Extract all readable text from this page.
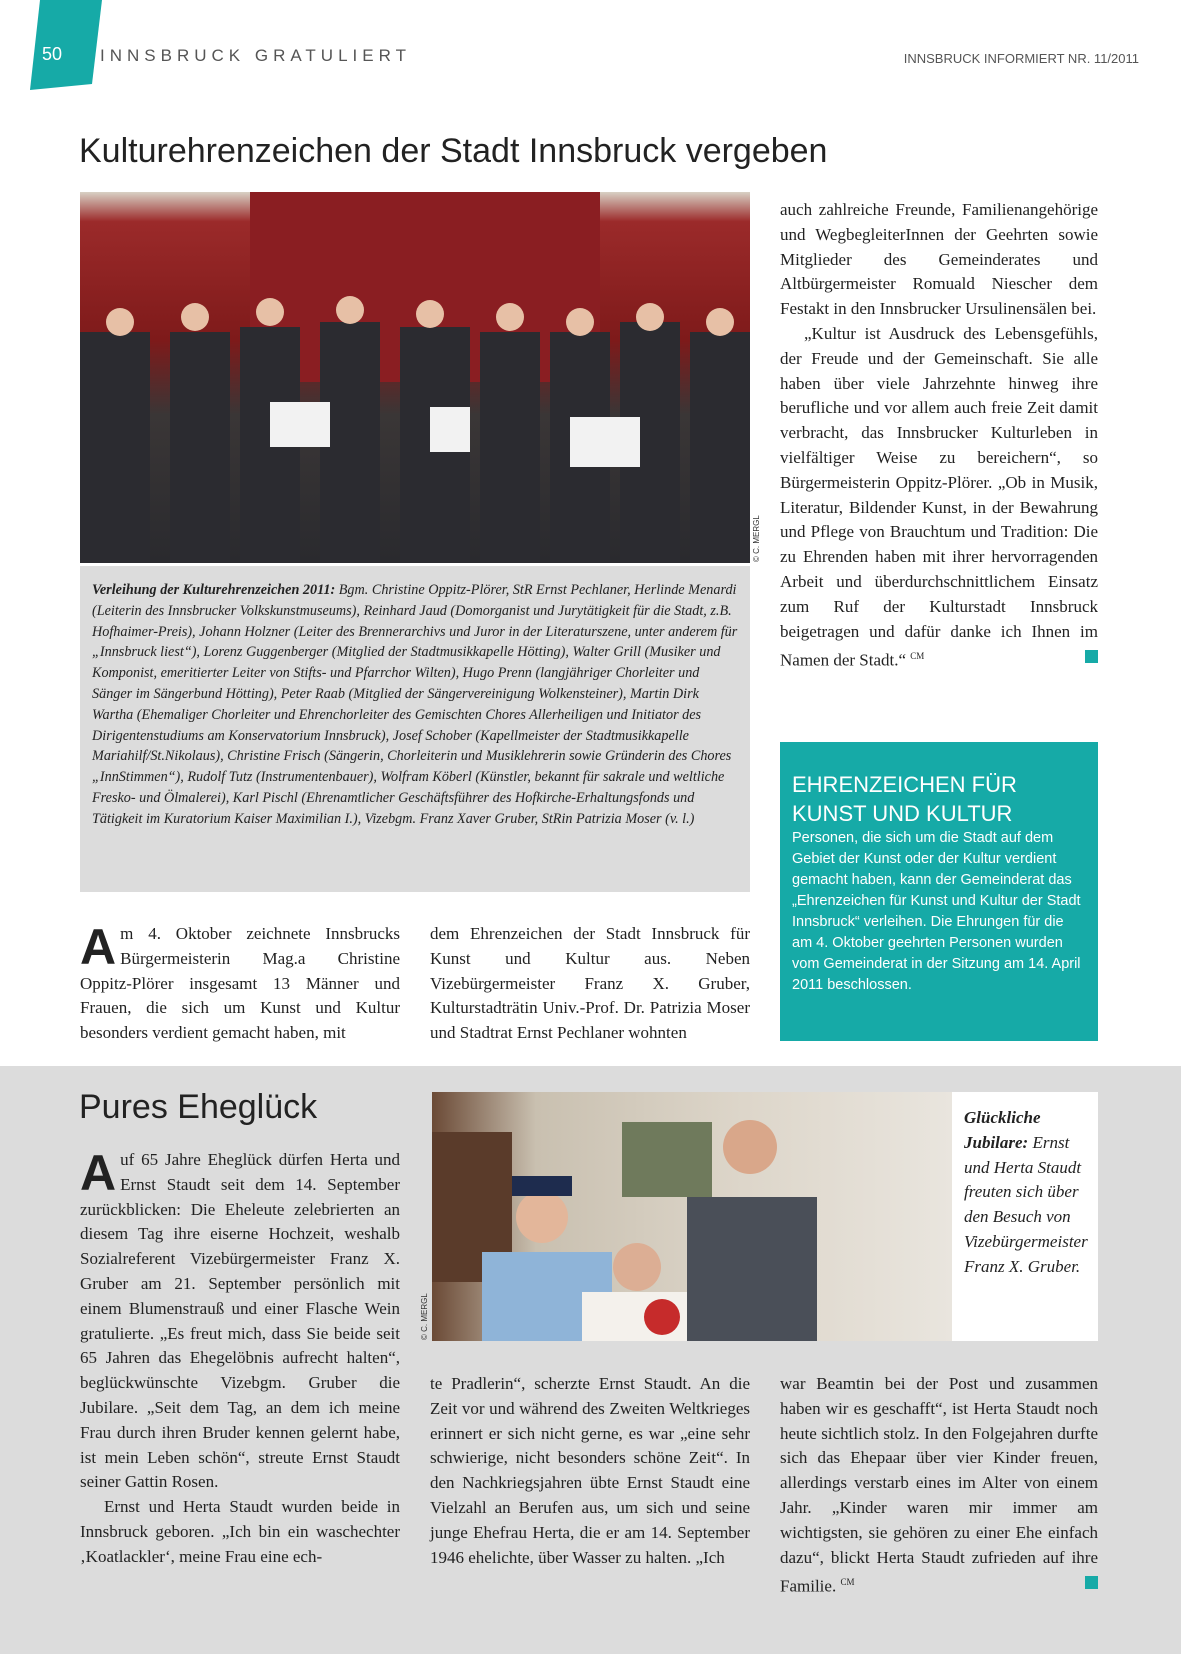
50 INNSBRUCK GRATULIERT	INNSBRUCK INFORMIERT NR. 11/2011
Kulturehrenzeichen der Stadt Innsbruck vergeben
© C. MERGL
Verleihung der Kulturehrenzeichen 2011: Bgm. Christine Oppitz-Plörer, StR Ernst Pechlaner, Herlinde Menardi (Leiterin des Innsbrucker Volkskunstmuseums), Reinhard Jaud (Domorganist und Jurytätigkeit für die Stadt, z.B. Hofhaimer-Preis), Johann Holzner (Leiter des Brennerarchivs und Juror in der Literaturszene, unter anderem für „Innsbruck liest“), Lorenz Guggenberger (Mitglied der Stadtmusikkapelle Hötting), Walter Grill (Musiker und Komponist, emeritierter Leiter von Stifts- und Pfarrchor Wilten), Hugo Prenn (langjähriger Chorleiter und Sänger im Sängerbund Hötting), Peter Raab (Mitglied der Sängervereinigung Wolkensteiner), Martin Dirk Wartha (Ehemaliger Chorleiter und Ehrenchorleiter des Gemischten Chores Allerheiligen und Initiator des Dirigentenstudiums am Konservatorium Innsbruck), Josef Schober (Kapellmeister der Stadtmusikkapelle Mariahilf/St.Nikolaus), Christine Frisch (Sängerin, Chorleiterin und Musiklehrerin sowie Gründerin des Chores „InnStimmen“), Rudolf Tutz (Instrumentenbauer), Wolfram Köberl (Künstler, bekannt für sakrale und weltliche Fresko- und Ölmalerei), Karl Pischl (Ehrenamtlicher Geschäftsführer des Hofkirche-Erhaltungsfonds und Tätigkeit im Kuratorium Kaiser Maximilian I.), Vizebgm. Franz Xaver Gruber, StRin Patrizia Moser (v. l.)
Am 4. Oktober zeichnete Innsbrucks Bürgermeisterin Mag.a Christine Oppitz-Plörer insgesamt 13 Männer und Frauen, die sich um Kunst und Kultur besonders verdient gemacht haben, mit
dem Ehrenzeichen der Stadt Innsbruck für Kunst und Kultur aus. Neben Vizebürgermeister Franz X. Gruber, Kulturstadträtin Univ.-Prof. Dr. Patrizia Moser und Stadtrat Ernst Pechlaner wohnten

auch zahlreiche Freunde, Familienangehörige und WegbegleiterInnen der Geehrten sowie Mitglieder des Gemeinderates und Altbürgermeister Romuald Niescher dem Festakt in den Innsbrucker Ursulinensälen bei.

„Kultur ist Ausdruck des Lebensgefühls, der Freude und der Gemeinschaft. Sie alle haben über viele Jahrzehnte hinweg ihre berufliche und vor allem auch freie Zeit damit verbracht, das Innsbrucker Kulturleben in vielfältiger Weise zu bereichern“, so Bürgermeisterin Oppitz-Plörer. „Ob in Musik, Literatur, Bildender Kunst, in der Bewahrung und Pflege von Brauchtum und Tradition: Die zu Ehrenden haben mit ihrer hervorragenden Arbeit und überdurchschnittlichem Einsatz zum Ruf der Kulturstadt Innsbruck beigetragen und dafür danke ich Ihnen im Namen der Stadt.“ $^{CM}$

EHRENZEICHEN FÜR KUNST UND KULTUR
Personen, die sich um die Stadt auf dem Gebiet der Kunst oder der Kultur verdient gemacht haben, kann der Gemeinderat das „Ehrenzeichen für Kunst und Kultur der Stadt Innsbruck“ verleihen. Die Ehrungen für die am 4. Oktober geehrten Personen wurden vom Gemeinderat in der Sitzung am 14. April 2011 beschlossen.
Pures Eheglück
© C. MERGL
Glückliche Jubilare: Ernst und Herta Staudt freuten sich über den Besuch von Vizebürgermeister Franz X. Gruber.

Auf 65 Jahre Eheglück dürfen Herta und Ernst Staudt seit dem 14. September zurückblicken: Die Eheleute zelebrierten an diesem Tag ihre eiserne Hochzeit, weshalb Sozialreferent Vizebürgermeister Franz X. Gruber am 21. September persönlich mit einem Blumenstrauß und einer Flasche Wein gratulierte. „Es freut mich, dass Sie beide seit 65 Jahren das Ehegelöbnis aufrecht halten“, beglückwünschte Vizebgm. Gruber die Jubilare. „Seit dem Tag, an dem ich meine Frau durch ihren Bruder kennen gelernt habe, ist mein Leben schön“, streute Ernst Staudt seiner Gattin Rosen.

Ernst und Herta Staudt wurden beide in Innsbruck geboren. „Ich bin ein waschechter ‚Koatlackler‘, meine Frau eine ech-

te Pradlerin“, scherzte Ernst Staudt. An die Zeit vor und während des Zweiten Weltkrieges erinnert er sich nicht gerne, es war „eine sehr schwierige, nicht besonders schöne Zeit“. In den Nachkriegsjahren übte Ernst Staudt eine Vielzahl an Berufen aus, um sich und seine junge Ehefrau Herta, die er am 14. September 1946 ehelichte, über Wasser zu halten. „Ich
war Beamtin bei der Post und zusammen haben wir es geschafft“, ist Herta Staudt noch heute sichtlich stolz. In den Folgejahren durfte sich das Ehepaar über vier Kinder freuen, allerdings verstarb eines im Alter von einem Jahr. „Kinder waren mir immer am wichtigsten, sie gehören zu einer Ehe einfach dazu“, blickt Herta Staudt zufrieden auf ihre Familie. $^{CM}$
